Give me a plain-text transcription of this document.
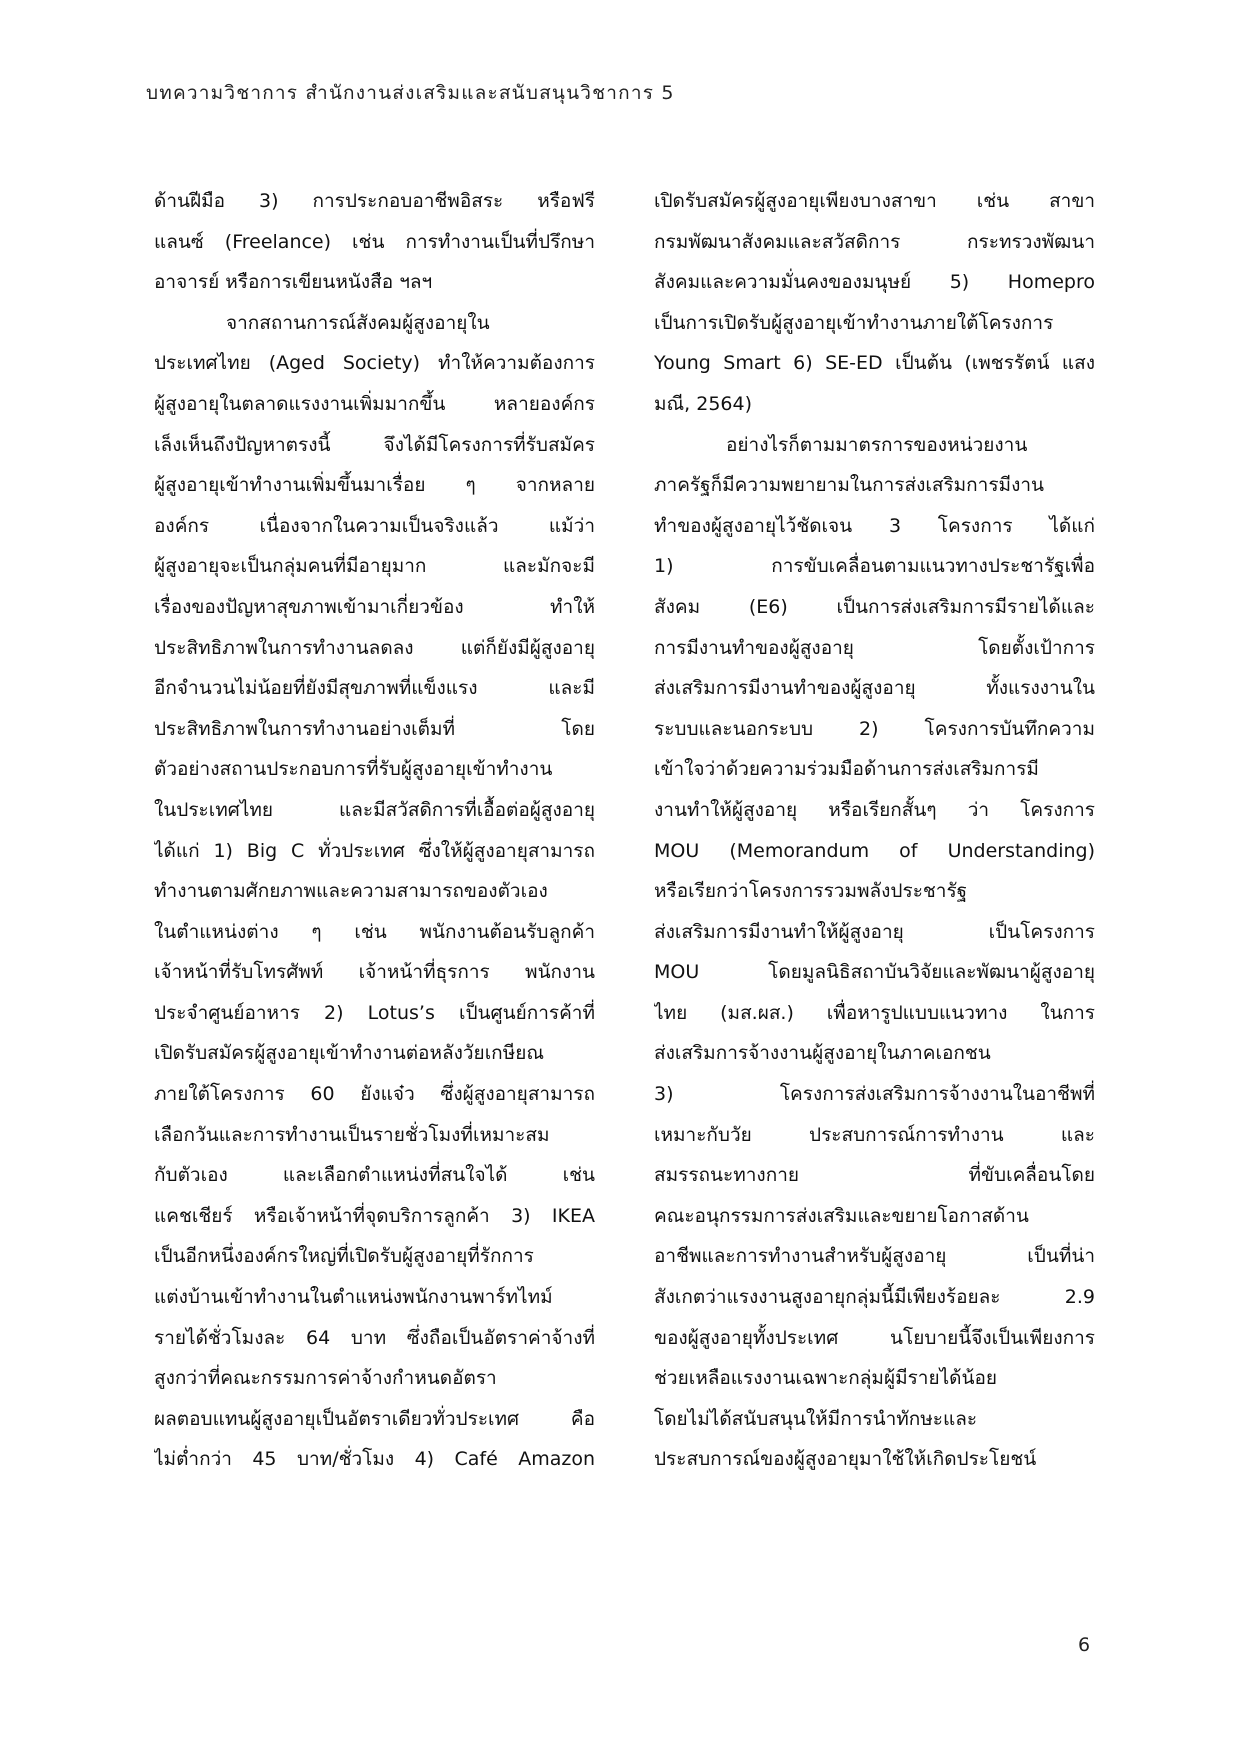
บทความวิชาการ สำนักงานส่งเสริมและสนับสนุนวิชาการ 5
ด้านฝีมือ 3) การประกอบอาชีพอิสระ หรือฟรี
แลนซ์ (Freelance) เช่น การทำงานเป็นที่ปรึกษา
อาจารย์ หรือการเขียนหนังสือ ฯลฯ
จากสถานการณ์สังคมผู้สูงอายุใน
ประเทศไทย (Aged Society) ทำให้ความต้องการ
ผู้สูงอายุในตลาดแรงงานเพิ่มมากขึ้น หลายองค์กร
เล็งเห็นถึงปัญหาตรงนี้ จึงได้มีโครงการที่รับสมัคร
ผู้สูงอายุเข้าทำงานเพิ่มขึ้นมาเรื่อย ๆ จากหลาย
องค์กร เนื่องจากในความเป็นจริงแล้ว แม้ว่า
ผู้สูงอายุจะเป็นกลุ่มคนที่มีอายุมาก และมักจะมี
เรื่องของปัญหาสุขภาพเข้ามาเกี่ยวข้อง ทำให้
ประสิทธิภาพในการทำงานลดลง แต่ก็ยังมีผู้สูงอายุ
อีกจำนวนไม่น้อยที่ยังมีสุขภาพที่แข็งแรง และมี
ประสิทธิภาพในการทำงานอย่างเต็มที่ โดย
ตัวอย่างสถานประกอบการที่รับผู้สูงอายุเข้าทำงาน
ในประเทศไทย และมีสวัสดิการที่เอื้อต่อผู้สูงอายุ
ได้แก่ 1) Big C ทั่วประเทศ ซึ่งให้ผู้สูงอายุสามารถ
ทำงานตามศักยภาพและความสามารถของตัวเอง
ในตำแหน่งต่าง ๆ เช่น พนักงานต้อนรับลูกค้า
เจ้าหน้าที่รับโทรศัพท์ เจ้าหน้าที่ธุรการ พนักงาน
ประจำศูนย์อาหาร 2) Lotus’s เป็นศูนย์การค้าที่
เปิดรับสมัครผู้สูงอายุเข้าทำงานต่อหลังวัยเกษียณ
ภายใต้โครงการ 60 ยังแจ๋ว ซึ่งผู้สูงอายุสามารถ
เลือกวันและการทำงานเป็นรายชั่วโมงที่เหมาะสม
กับตัวเอง และเลือกตำแหน่งที่สนใจได้ เช่น
แคชเชียร์ หรือเจ้าหน้าที่จุดบริการลูกค้า 3) IKEA
เป็นอีกหนึ่งองค์กรใหญ่ที่เปิดรับผู้สูงอายุที่รักการ
แต่งบ้านเข้าทำงานในตำแหน่งพนักงานพาร์ทไทม์
รายได้ชั่วโมงละ 64 บาท ซึ่งถือเป็นอัตราค่าจ้างที่
สูงกว่าที่คณะกรรมการค่าจ้างกำหนดอัตรา
ผลตอบแทนผู้สูงอายุเป็นอัตราเดียวทั่วประเทศ คือ
ไม่ต่ำกว่า 45 บาท/ชั่วโมง 4) Café Amazon
เปิดรับสมัครผู้สูงอายุเพียงบางสาขา เช่น สาขา
กรมพัฒนาสังคมและสวัสดิการ กระทรวงพัฒนา
สังคมและความมั่นคงของมนุษย์ 5) Homepro
เป็นการเปิดรับผู้สูงอายุเข้าทำงานภายใต้โครงการ
Young Smart 6) SE-ED เป็นต้น (เพชรรัตน์ แสง
มณี, 2564)
อย่างไรก็ตามมาตรการของหน่วยงาน
ภาครัฐก็มีความพยายามในการส่งเสริมการมีงาน
ทำของผู้สูงอายุไว้ชัดเจน 3 โครงการ ได้แก่
1) การขับเคลื่อนตามแนวทางประชารัฐเพื่อ
สังคม (E6) เป็นการส่งเสริมการมีรายได้และ
การมีงานทำของผู้สูงอายุ โดยตั้งเป้าการ
ส่งเสริมการมีงานทำของผู้สูงอายุ ทั้งแรงงานใน
ระบบและนอกระบบ 2) โครงการบันทึกความ
เข้าใจว่าด้วยความร่วมมือด้านการส่งเสริมการมี
งานทำให้ผู้สูงอายุ หรือเรียกสั้นๆ ว่า โครงการ
MOU (Memorandum of Understanding)
หรือเรียกว่าโครงการรวมพลังประชารัฐ
ส่งเสริมการมีงานทำให้ผู้สูงอายุ เป็นโครงการ
MOU โดยมูลนิธิสถาบันวิจัยและพัฒนาผู้สูงอายุ
ไทย (มส.ผส.) เพื่อหารูปแบบแนวทาง ในการ
ส่งเสริมการจ้างงานผู้สูงอายุในภาคเอกชน
3) โครงการส่งเสริมการจ้างงานในอาชีพที่
เหมาะกับวัย ประสบการณ์การทำงาน และ
สมรรถนะทางกาย ที่ขับเคลื่อนโดย
คณะอนุกรรมการส่งเสริมและขยายโอกาสด้าน
อาชีพและการทำงานสำหรับผู้สูงอายุ เป็นที่น่า
สังเกตว่าแรงงานสูงอายุกลุ่มนี้มีเพียงร้อยละ 2.9
ของผู้สูงอายุทั้งประเทศ นโยบายนี้จึงเป็นเพียงการ
ช่วยเหลือแรงงานเฉพาะกลุ่มผู้มีรายได้น้อย
โดยไม่ได้สนับสนุนให้มีการนำทักษะและ
ประสบการณ์ของผู้สูงอายุมาใช้ให้เกิดประโยชน์
6
